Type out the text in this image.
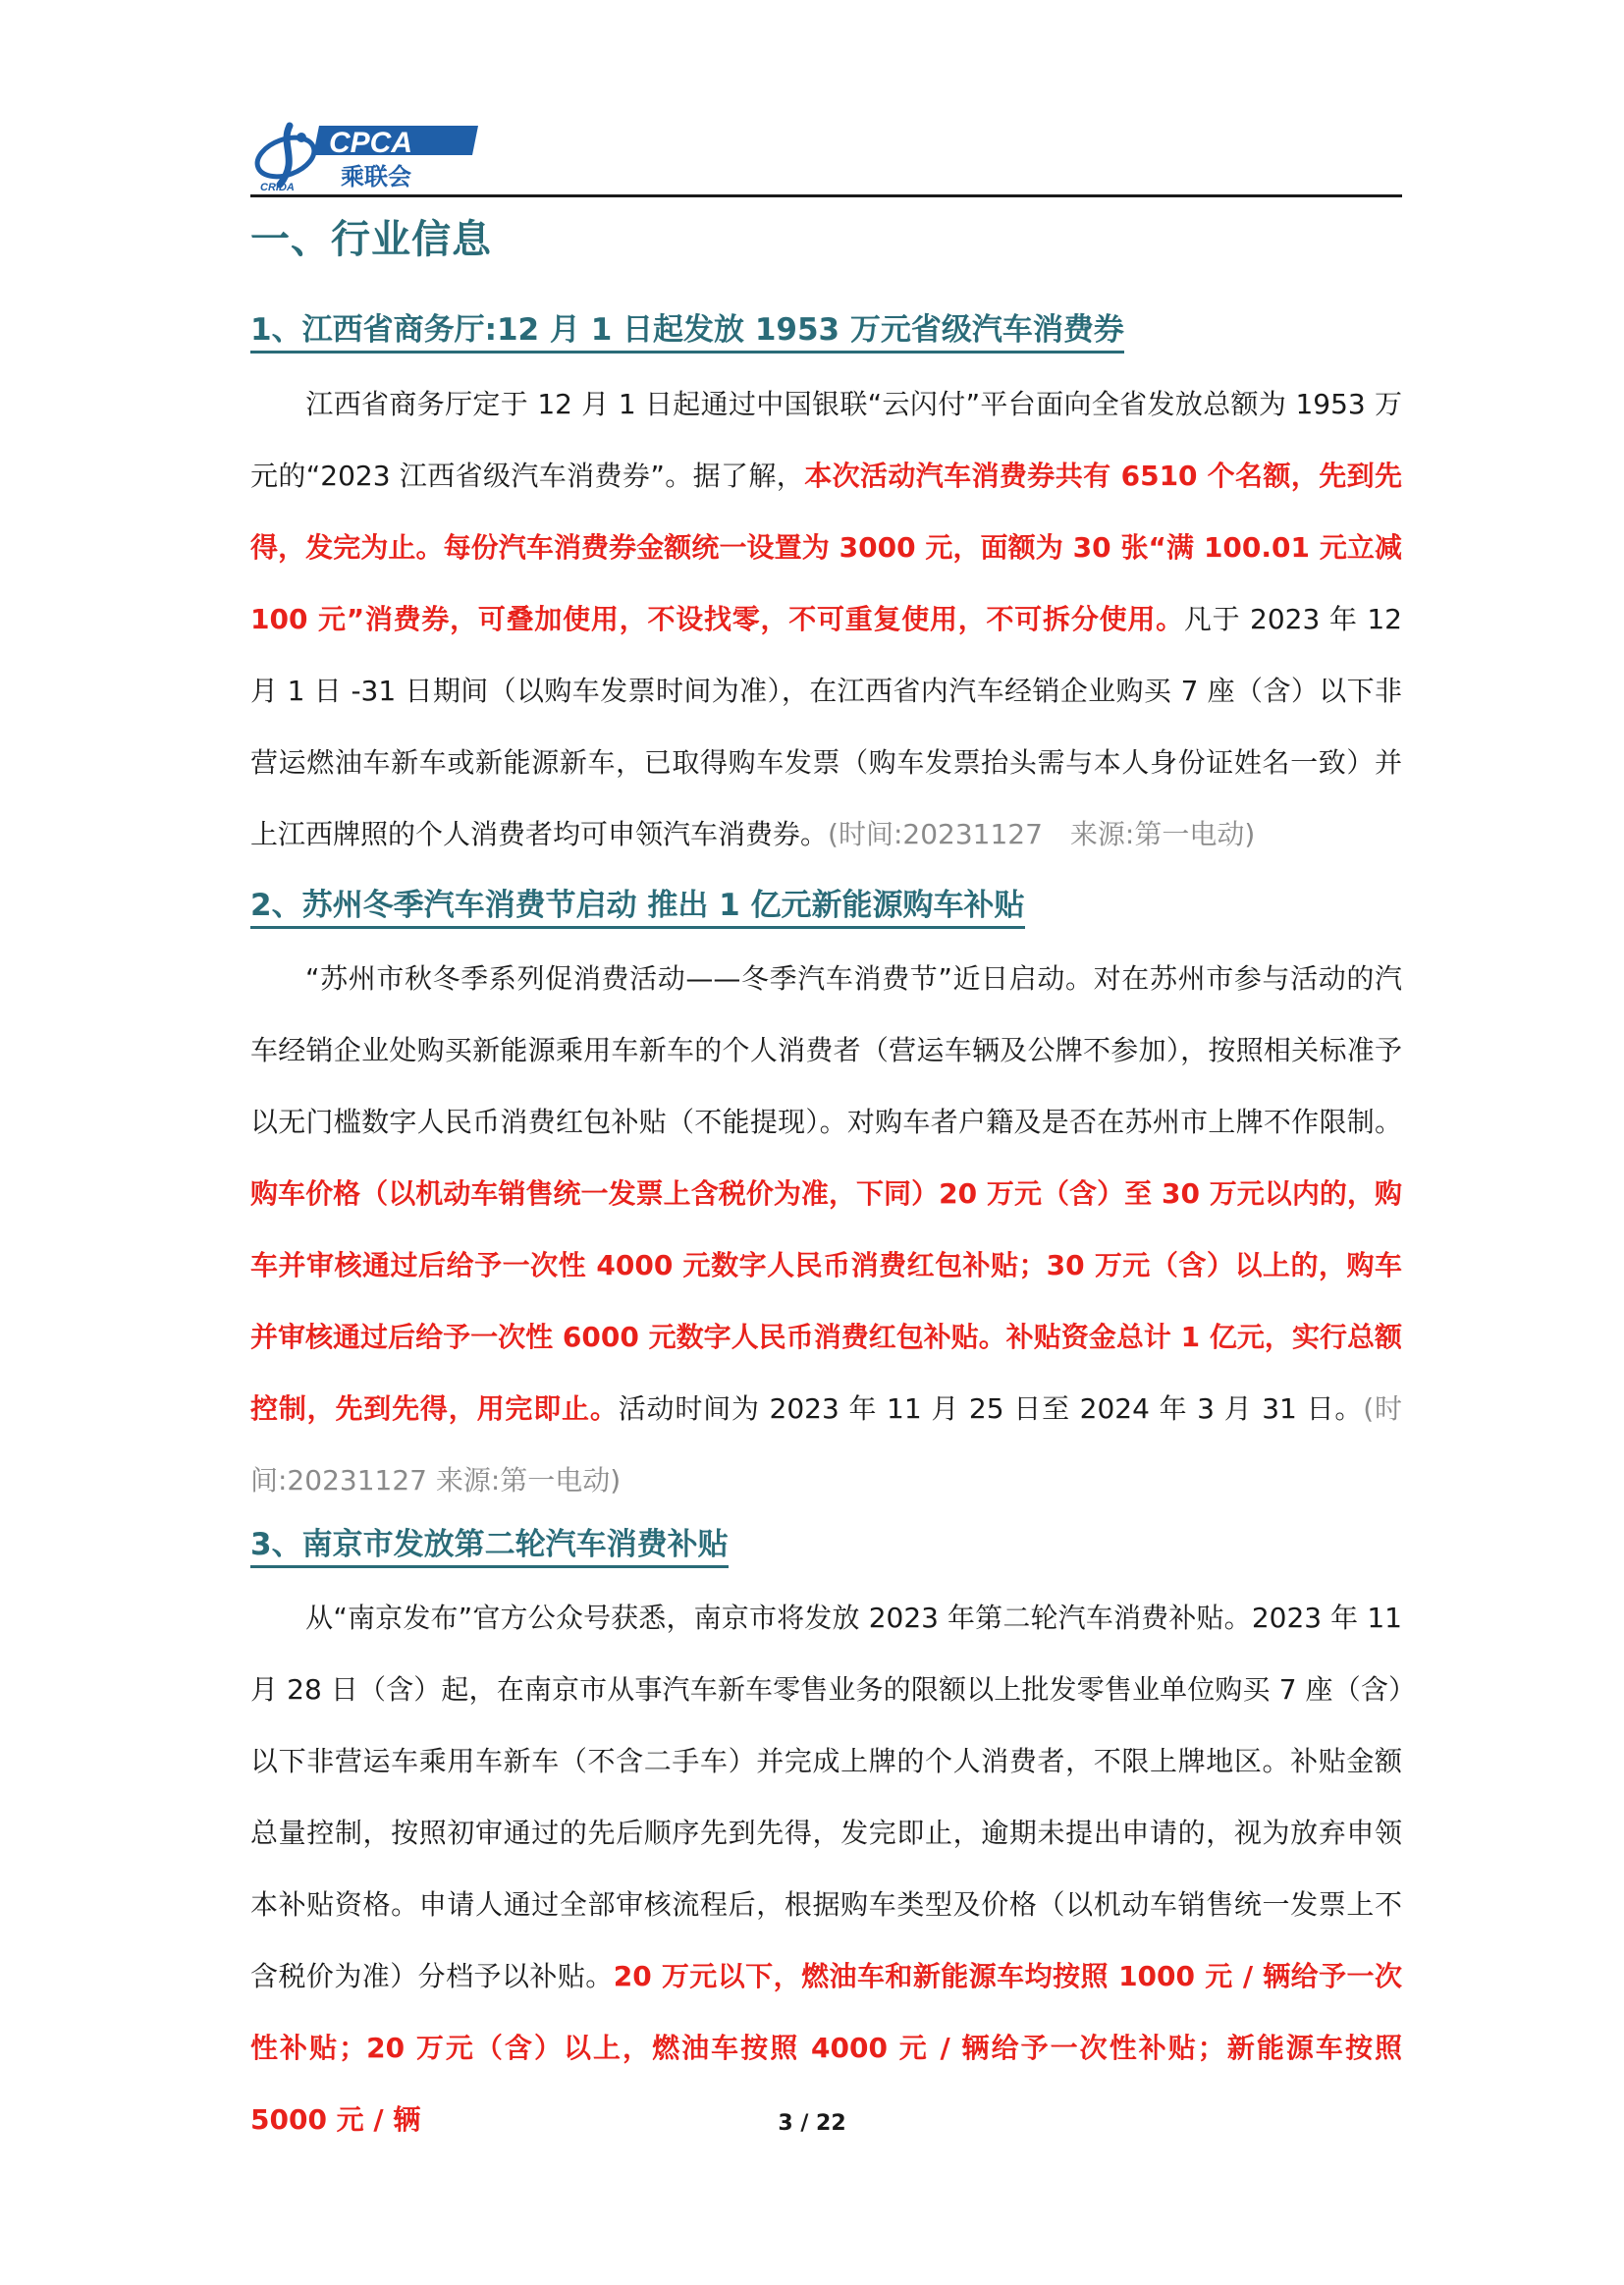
CRIDA
CPCA
乘联会
一、行业信息
1、江西省商务厅:12 月 1 日起发放 1953 万元省级汽车消费券
江西省商务厅定于 12 月 1 日起通过中国银联“云闪付”平台面向全省发放总额为 1953 万元的“2023 江西省级汽车消费券”。据了解，本次活动汽车消费券共有 6510 个名额，先到先得，发完为止。每份汽车消费券金额统一设置为 3000 元，面额为 30 张“满 100.01 元立减 100 元”消费券，可叠加使用，不设找零，不可重复使用，不可拆分使用。凡于 2023 年 12 月 1 日 -31 日期间（以购车发票时间为准），在江西省内汽车经销企业购买 7 座（含）以下非营运燃油车新车或新能源新车，已取得购车发票（购车发票抬头需与本人身份证姓名一致）并上江西牌照的个人消费者均可申领汽车消费券。(时间:20231127　来源:第一电动)
2、苏州冬季汽车消费节启动 推出 1 亿元新能源购车补贴
“苏州市秋冬季系列促消费活动——冬季汽车消费节”近日启动。对在苏州市参与活动的汽车经销企业处购买新能源乘用车新车的个人消费者（营运车辆及公牌不参加），按照相关标准予以无门槛数字人民币消费红包补贴（不能提现）。对购车者户籍及是否在苏州市上牌不作限制。购车价格（以机动车销售统一发票上含税价为准，下同）20 万元（含）至 30 万元以内的，购车并审核通过后给予一次性 4000 元数字人民币消费红包补贴；30 万元（含）以上的，购车并审核通过后给予一次性 6000 元数字人民币消费红包补贴。补贴资金总计 1 亿元，实行总额控制，先到先得，用完即止。活动时间为 2023 年 11 月 25 日至 2024 年 3 月 31 日。(时间:20231127 来源:第一电动)
3、南京市发放第二轮汽车消费补贴
从“南京发布”官方公众号获悉，南京市将发放 2023 年第二轮汽车消费补贴。2023 年 11 月 28 日（含）起，在南京市从事汽车新车零售业务的限额以上批发零售业单位购买 7 座（含）以下非营运车乘用车新车（不含二手车）并完成上牌的个人消费者，不限上牌地区。补贴金额总量控制，按照初审通过的先后顺序先到先得，发完即止，逾期未提出申请的，视为放弃申领本补贴资格。申请人通过全部审核流程后，根据购车类型及价格（以机动车销售统一发票上不含税价为准）分档予以补贴。20 万元以下，燃油车和新能源车均按照 1000 元 / 辆给予一次性补贴；20 万元（含）以上，燃油车按照 4000 元 / 辆给予一次性补贴；新能源车按照 5000 元 / 辆	3 / 22
